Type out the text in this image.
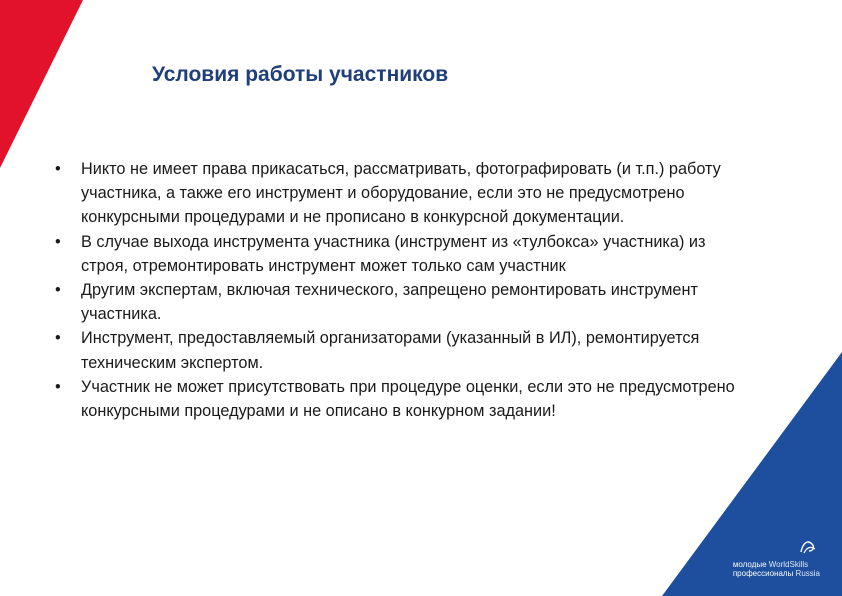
Условия работы участников
• Никто не имеет права прикасаться, рассматривать, фотографировать (и т.п.) работу участника, а также его инструмент и оборудование, если это не предусмотрено конкурсными процедурами и не прописано в конкурсной документации.
• В случае выхода инструмента участника (инструмент из «тулбокса» участника) из строя, отремонтировать инструмент может только сам участник
• Другим экспертам, включая технического, запрещено ремонтировать инструмент участника.
• Инструмент, предоставляемый организаторами (указанный в ИЛ), ремонтируется техническим экспертом.
• Участник не может присутствовать при процедуре оценки, если это не предусмотрено конкурсными процедурами и не описано в конкурном задании!
молодые WorldSkills
профессионалы Russia
